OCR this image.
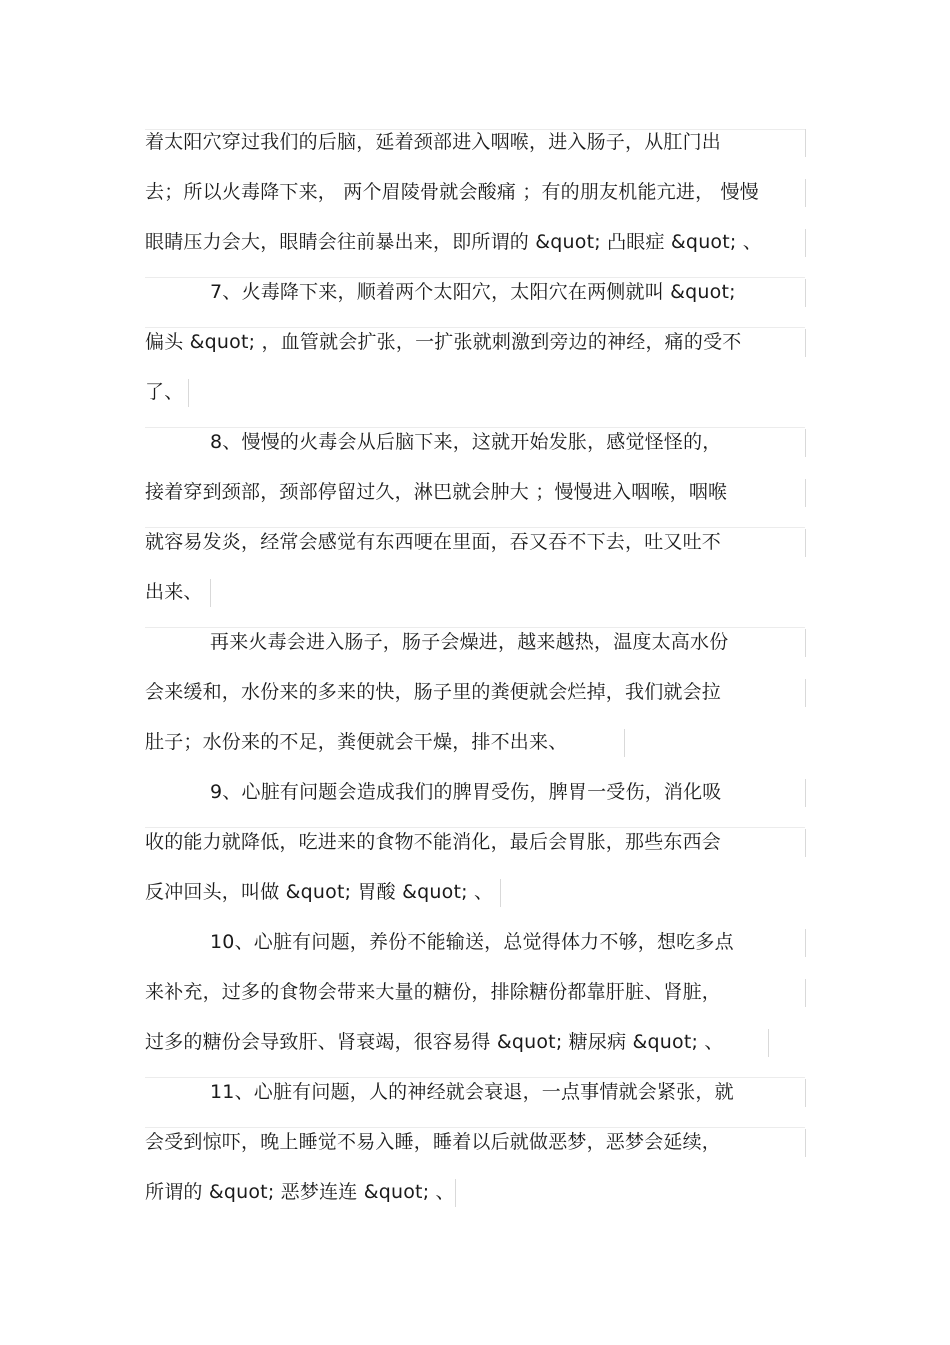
着太阳穴穿过我们的后脑，延着颈部进入咽喉，进入肠子，从肛门出
去；所以火毒降下来， 两个眉陵骨就会酸痛 ；有的朋友机能亢进， 慢慢
眼睛压力会大，眼睛会往前暴出来，即所谓的 &quot; 凸眼症 &quot; 、
7、火毒降下来，顺着两个太阳穴，太阳穴在两侧就叫 &quot;
偏头 &quot; ，血管就会扩张，一扩张就刺激到旁边的神经，痛的受不
了、
8、慢慢的火毒会从后脑下来，这就开始发胀，感觉怪怪的，
接着穿到颈部，颈部停留过久，淋巴就会肿大 ；慢慢进入咽喉，咽喉
就容易发炎，经常会感觉有东西哽在里面，吞又吞不下去，吐又吐不
出来、
再来火毒会进入肠子，肠子会燥进，越来越热，温度太高水份
会来缓和，水份来的多来的快，肠子里的粪便就会烂掉，我们就会拉
肚子；水份来的不足，粪便就会干燥，排不出来、
9、心脏有问题会造成我们的脾胃受伤，脾胃一受伤，消化吸
收的能力就降低，吃进来的食物不能消化，最后会胃胀，那些东西会
反冲回头，叫做 &quot; 胃酸 &quot; 、
10、心脏有问题，养份不能输送，总觉得体力不够，想吃多点
来补充，过多的食物会带来大量的糖份，排除糖份都靠肝脏、肾脏，
过多的糖份会导致肝、肾衰竭，很容易得 &quot; 糖尿病 &quot; 、
11、心脏有问题，人的神经就会衰退，一点事情就会紧张，就
会受到惊吓，晚上睡觉不易入睡，睡着以后就做恶梦，恶梦会延续，
所谓的 &quot; 恶梦连连 &quot; 、
